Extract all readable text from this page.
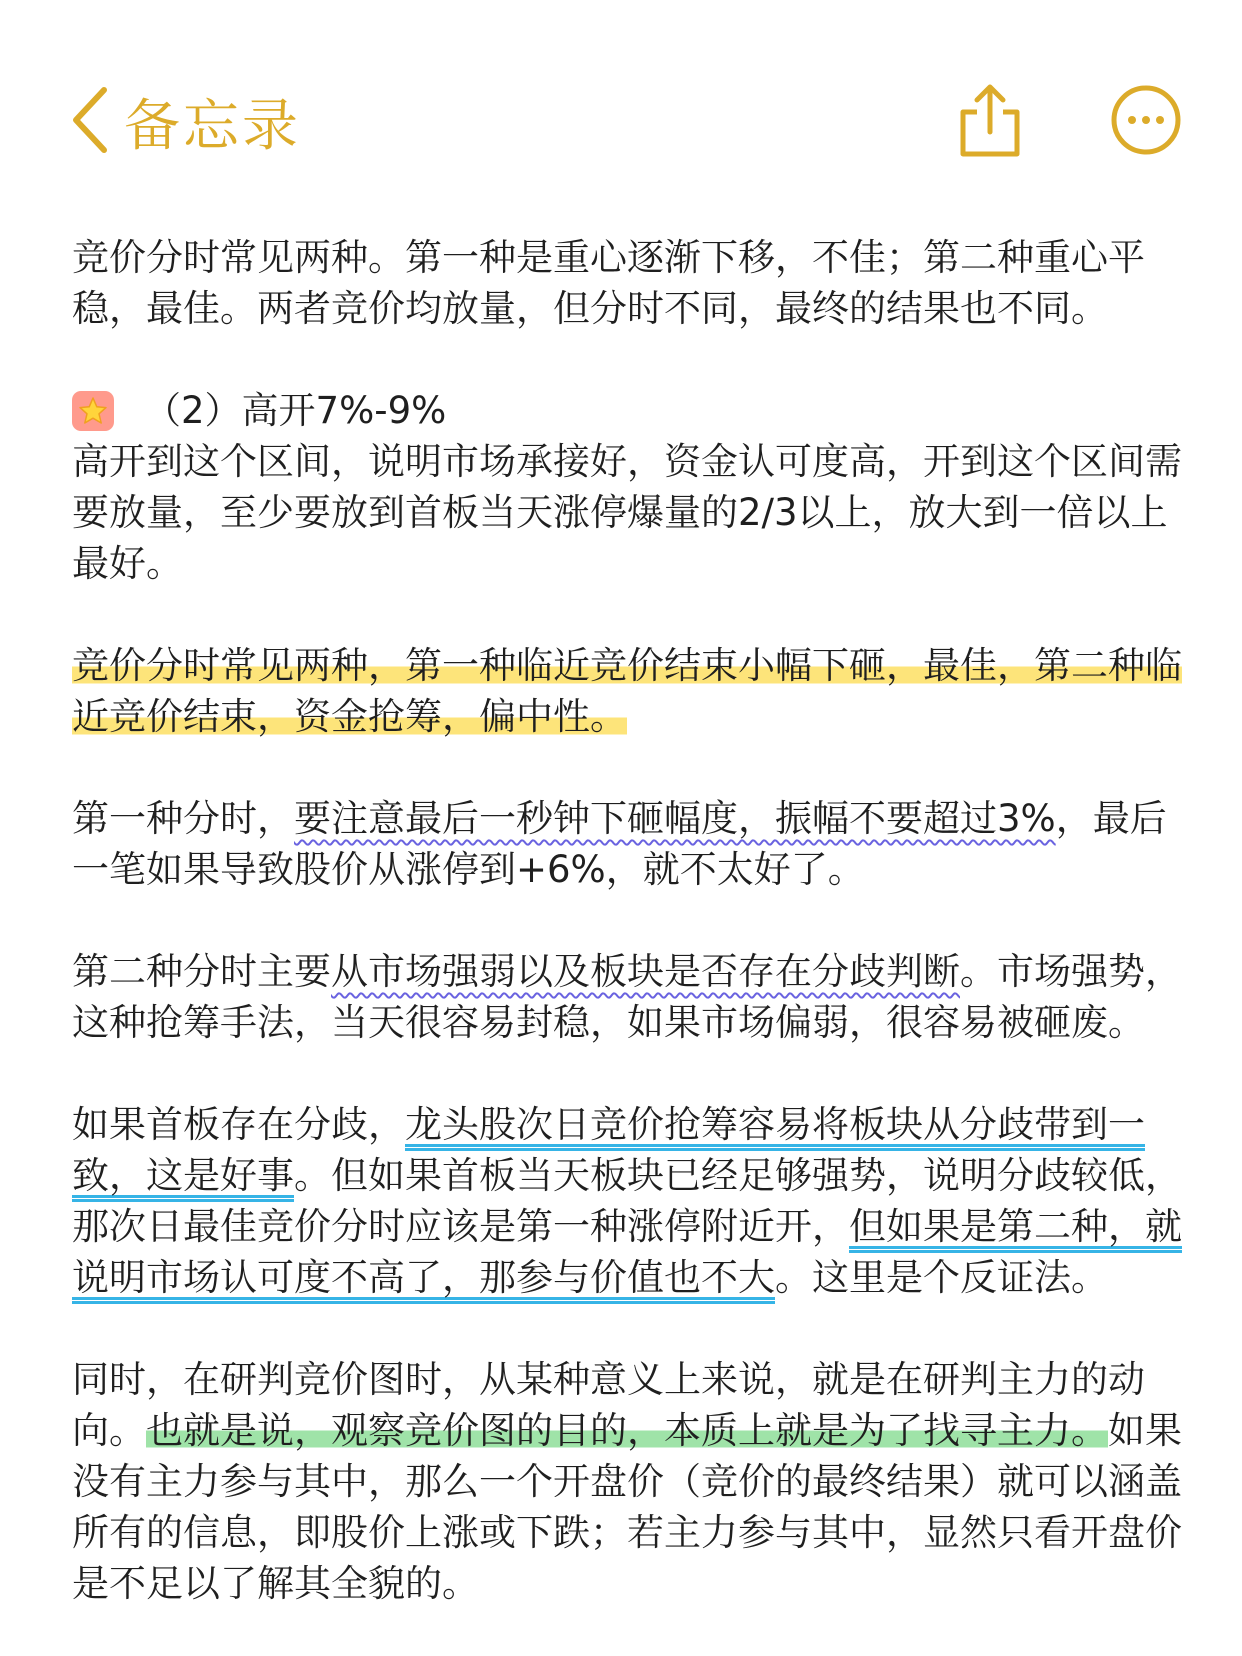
备忘录

竞价分时常见两种。第一种是重心逐渐下移，不佳；第二种重心平稳，最佳。两者竞价均放量，但分时不同，最终的结果也不同。

（2）高开7%-9%

高开到这个区间，说明市场承接好，资金认可度高，开到这个区间需要放量，至少要放到首板当天涨停爆量的2/3以上，放大到一倍以上最好。

竞价分时常见两种，第一种临近竞价结束小幅下砸，最佳，第二种临近竞价结束，资金抢筹，偏中性。

第一种分时，要注意最后一秒钟下砸幅度，振幅不要超过3%，最后一笔如果导致股价从涨停到+6%，就不太好了。

第二种分时主要从市场强弱以及板块是否存在分歧判断。市场强势，这种抢筹手法，当天很容易封稳，如果市场偏弱，很容易被砸废。

如果首板存在分歧，龙头股次日竞价抢筹容易将板块从分歧带到一致，这是好事。但如果首板当天板块已经足够强势，说明分歧较低，那次日最佳竞价分时应该是第一种涨停附近开，但如果是第二种，就说明市场认可度不高了，那参与价值也不大。这里是个反证法。

同时，在研判竞价图时，从某种意义上来说，就是在研判主力的动向。也就是说，观察竞价图的目的，本质上就是为了找寻主力。如果没有主力参与其中，那么一个开盘价（竞价的最终结果）就可以涵盖所有的信息，即股价上涨或下跌；若主力参与其中，显然只看开盘价是不足以了解其全貌的。
